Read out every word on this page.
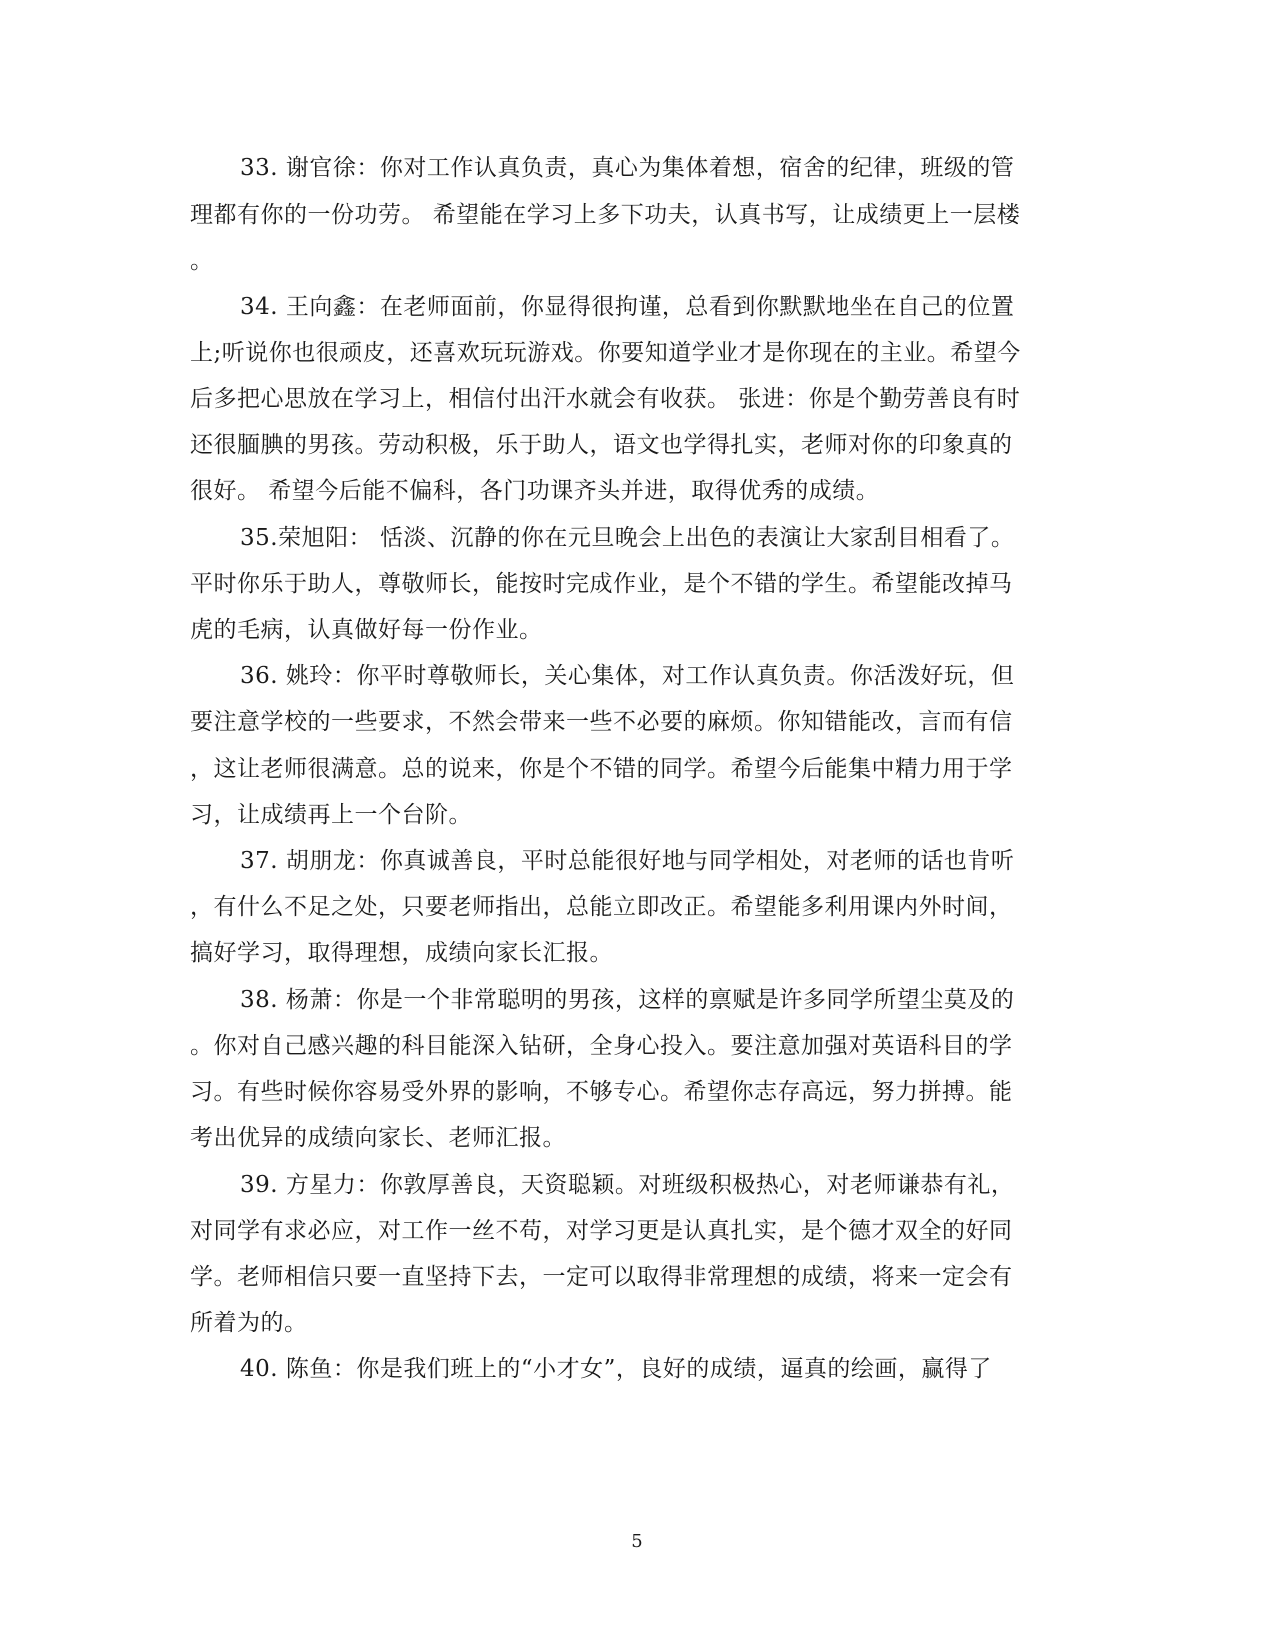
33. 谢官徐：你对工作认真负责，真心为集体着想，宿舍的纪律，班级的管
理都有你的一份功劳。 希望能在学习上多下功夫，认真书写，让成绩更上一层楼
。
34. 王向鑫：在老师面前，你显得很拘谨，总看到你默默地坐在自己的位置
上;听说你也很顽皮，还喜欢玩玩游戏。你要知道学业才是你现在的主业。希望今
后多把心思放在学习上，相信付出汗水就会有收获。 张进：你是个勤劳善良有时
还很腼腆的男孩。劳动积极，乐于助人，语文也学得扎实，老师对你的印象真的
很好。 希望今后能不偏科，各门功课齐头并进，取得优秀的成绩。
35.荣旭阳： 恬淡、沉静的你在元旦晚会上出色的表演让大家刮目相看了。
平时你乐于助人，尊敬师长，能按时完成作业，是个不错的学生。希望能改掉马
虎的毛病，认真做好每一份作业。
36. 姚玲：你平时尊敬师长，关心集体，对工作认真负责。你活泼好玩，但
要注意学校的一些要求，不然会带来一些不必要的麻烦。你知错能改，言而有信
，这让老师很满意。总的说来，你是个不错的同学。希望今后能集中精力用于学
习，让成绩再上一个台阶。
37. 胡朋龙：你真诚善良，平时总能很好地与同学相处，对老师的话也肯听
，有什么不足之处，只要老师指出，总能立即改正。希望能多利用课内外时间，
搞好学习，取得理想，成绩向家长汇报。
38. 杨萧：你是一个非常聪明的男孩，这样的禀赋是许多同学所望尘莫及的
。你对自己感兴趣的科目能深入钻研，全身心投入。要注意加强对英语科目的学
习。有些时候你容易受外界的影响，不够专心。希望你志存高远，努力拼搏。能
考出优异的成绩向家长、老师汇报。
39. 方星力：你敦厚善良，天资聪颖。对班级积极热心，对老师谦恭有礼，
对同学有求必应，对工作一丝不苟，对学习更是认真扎实，是个德才双全的好同
学。老师相信只要一直坚持下去，一定可以取得非常理想的成绩，将来一定会有
所着为的。
40. 陈鱼：你是我们班上的“小才女”，良好的成绩，逼真的绘画，赢得了
5
